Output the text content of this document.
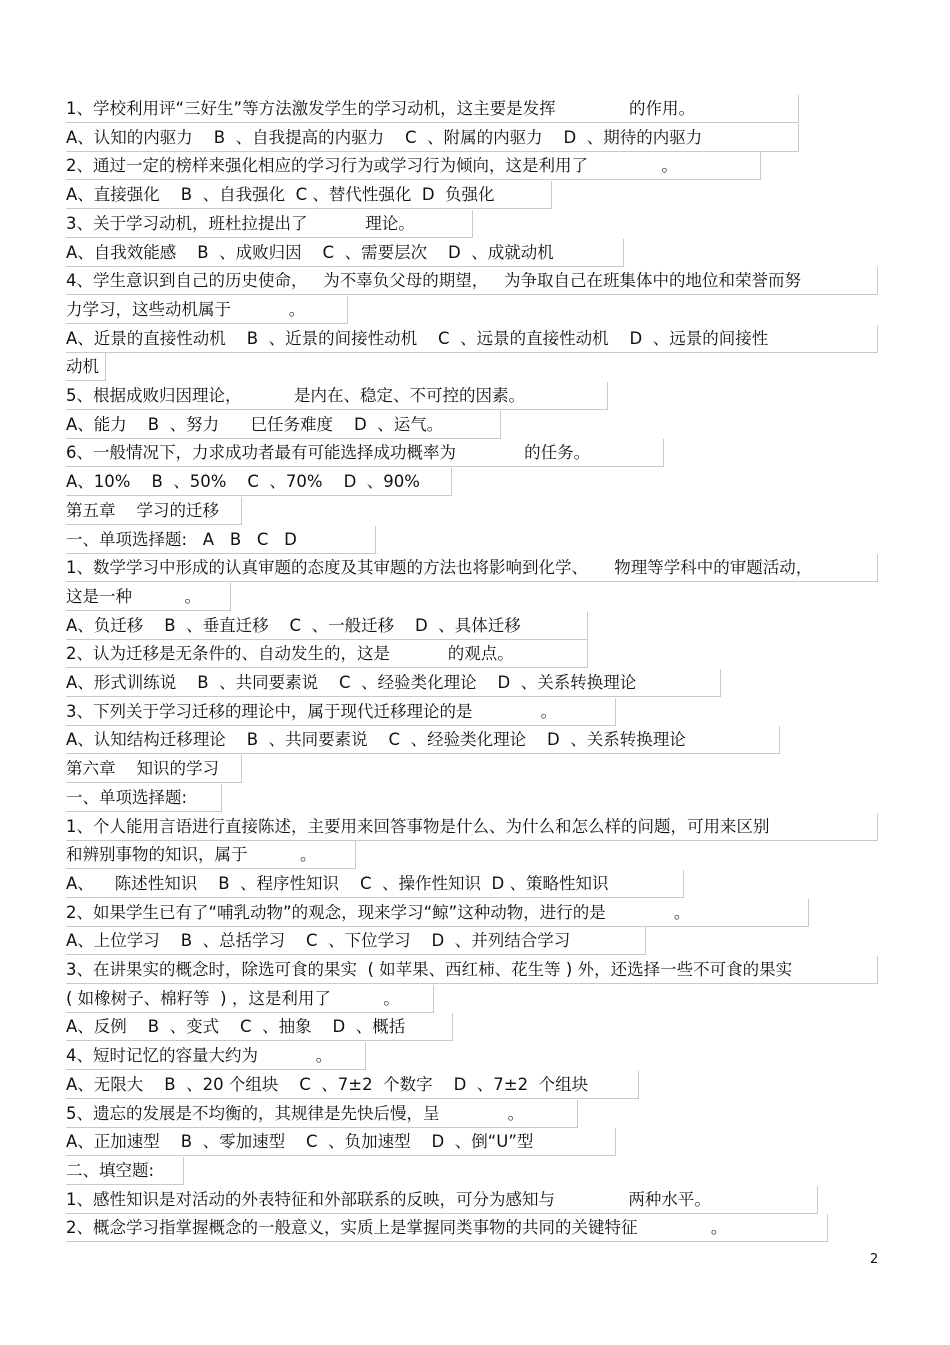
1、学校利用评“三好生”等方法激发学生的学习动机，这主要是发挥              的作用。
A、认知的内驱力    B  、自我提高的内驱力    C  、附属的内驱力    D  、期待的内驱力
2、通过一定的榜样来强化相应的学习行为或学习行为倾向，这是利用了              。
A、直接强化    B  、自我强化  C 、替代性强化  D  负强化
3、关于学习动机，班杜拉提出了           理论。
A、自我效能感    B  、成败归因    C  、需要层次    D  、成就动机
4、学生意识到自己的历史使命，   为不辜负父母的期望，   为争取自己在班集体中的地位和荣誉而努
力学习，这些动机属于           。
A、近景的直接性动机    B  、近景的间接性动机    C  、远景的直接性动机    D  、远景的间接性
动机
5、根据成败归因理论，          是内在、稳定、不可控的因素。
A、能力    B  、努力      巳任务难度    D  、运气。
6、一般情况下，力求成功者最有可能选择成功概率为             的任务。
A、10%    B  、50%    C  、70%    D  、90%
第五章    学习的迁移
一、单项选择题:   A   B   C   D
1、数学学习中形成的认真审题的态度及其审题的方法也将影响到化学、     物理等学科中的审题活动，
这是一种          。
A、负迁移    B  、垂直迁移    C  、一般迁移    D  、具体迁移
2、认为迁移是无条件的、自动发生的，这是           的观点。
A、形式训练说    B  、共同要素说    C  、经验类化理论    D  、关系转换理论
3、下列关于学习迁移的理论中，属于现代迁移理论的是             。
A、认知结构迁移理论    B  、共同要素说    C  、经验类化理论    D  、关系转换理论
第六章    知识的学习
一、单项选择题:
1、个人能用言语进行直接陈述，主要用来回答事物是什么、为什么和怎么样的问题，可用来区别
和辨别事物的知识，属于          。
A、    陈述性知识    B  、程序性知识    C  、操作性知识  D 、策略性知识
2、如果学生已有了“哺乳动物”的观念，现来学习“鲸”这种动物，进行的是             。
A、上位学习    B  、总括学习    C  、下位学习    D  、并列结合学习
3、在讲果实的概念时，除选可食的果实  ( 如苹果、西红柿、花生等 ) 外，还选择一些不可食的果实
( 如橡树子、棉籽等  ) ，这是利用了          。
A、反例    B  、变式    C  、抽象    D  、概括
4、短时记忆的容量大约为           。
A、无限大    B  、20 个组块    C  、7±2  个数字    D  、7±2  个组块
5、遗忘的发展是不均衡的，其规律是先快后慢，呈             。
A、正加速型    B  、零加速型    C  、负加速型    D  、倒“U”型
二、填空题:
1、感性知识是对活动的外表特征和外部联系的反映，可分为感知与              两种水平。
2、概念学习指掌握概念的一般意义，实质上是掌握同类事物的共同的关键特征              。
2
